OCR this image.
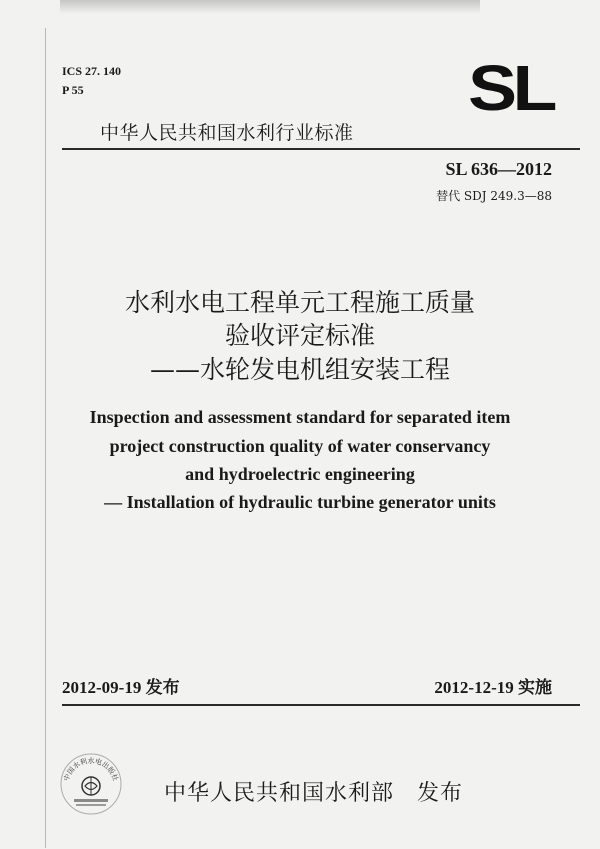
ICS 27. 140
P 55	SL
中华人民共和国水利行业标准
SL 636—2012
替代 SDJ 249.3—88
水利水电工程单元工程施工质量
验收评定标准
——水轮发电机组安装工程
Inspection and assessment standard for separated item
project construction quality of water conservancy
and hydroelectric engineering
— Installation of hydraulic turbine generator units
2012-09-19 发布	2012-12-19 实施
中国水利水电出版社
中华人民共和国水利部　发布
